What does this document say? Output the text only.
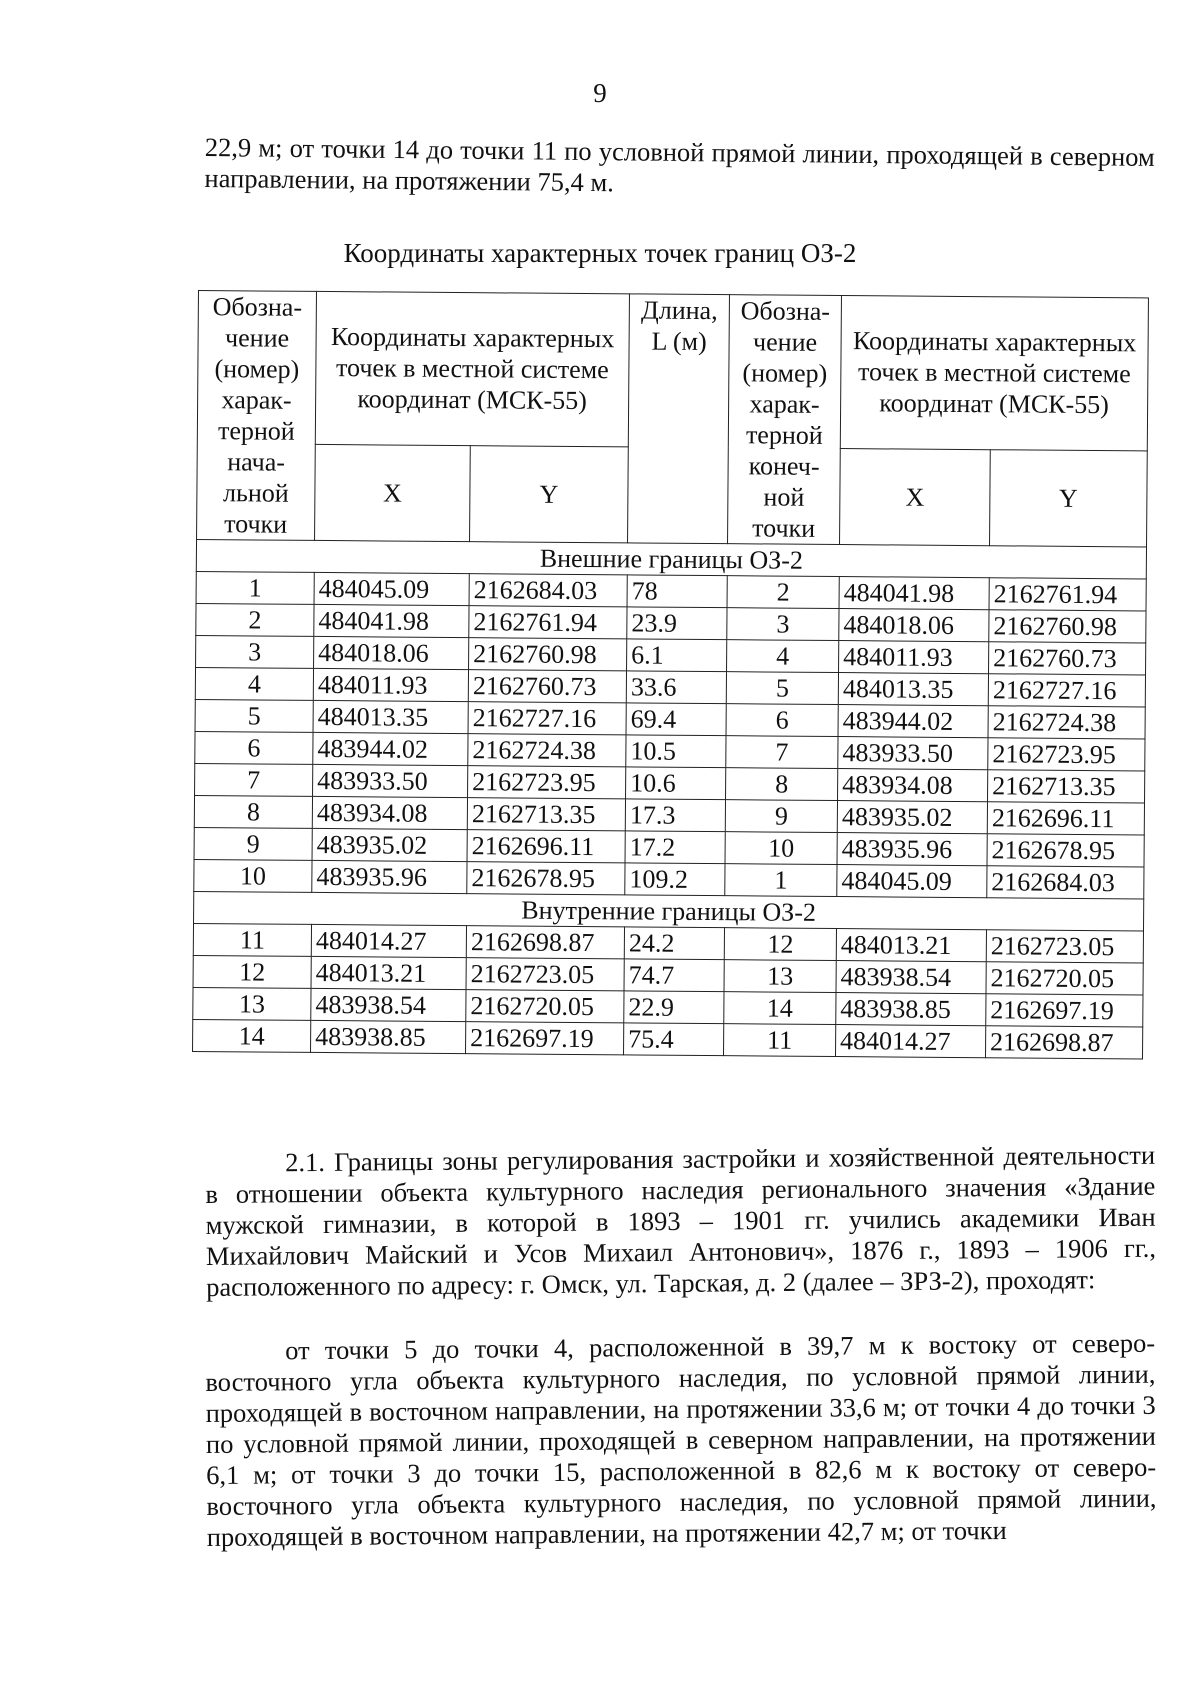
9
22,9 м; от точки 14 до точки 11 по условной прямой линии, проходящей в северном направлении, на протяжении 75,4 м.
Координаты характерных точек границ ОЗ-2
Обозна-чение (номер) харак-терной нача-льной точки	Координаты характерных точек в местной системе координат (МСК-55)		Длина, L (м)	Обозна-чение (номер) харак-терной конеч-ной точки	Координаты характерных точек в местной системе координат (МСК-55)	
	X	Y			X	Y
Внешние границы ОЗ-2						
1	484045.09	2162684.03	78	2	484041.98	2162761.94
2	484041.98	2162761.94	23.9	3	484018.06	2162760.98
3	484018.06	2162760.98	6.1	4	484011.93	2162760.73
4	484011.93	2162760.73	33.6	5	484013.35	2162727.16
5	484013.35	2162727.16	69.4	6	483944.02	2162724.38
6	483944.02	2162724.38	10.5	7	483933.50	2162723.95
7	483933.50	2162723.95	10.6	8	483934.08	2162713.35
8	483934.08	2162713.35	17.3	9	483935.02	2162696.11
9	483935.02	2162696.11	17.2	10	483935.96	2162678.95
10	483935.96	2162678.95	109.2	1	484045.09	2162684.03
Внутренние границы ОЗ-2						
11	484014.27	2162698.87	24.2	12	484013.21	2162723.05
12	484013.21	2162723.05	74.7	13	483938.54	2162720.05
13	483938.54	2162720.05	22.9	14	483938.85	2162697.19
14	483938.85	2162697.19	75.4	11	484014.27	2162698.87
2.1. Границы зоны регулирования застройки и хозяйственной деятельности в отношении объекта культурного наследия регионального значения «Здание мужской гимназии, в которой в 1893 – 1901 гг. учились академики Иван Михайлович Майский и Усов Михаил Антонович», 1876 г., 1893 – 1906 гг., расположенного по адресу: г. Омск, ул. Тарская, д. 2 (далее – ЗРЗ-2), проходят:
от точки 5 до точки 4, расположенной в 39,7 м к востоку от северо-восточного угла объекта культурного наследия, по условной прямой линии, проходящей в восточном направлении, на протяжении 33,6 м; от точки 4 до точки 3 по условной прямой линии, проходящей в северном направлении, на протяжении 6,1 м; от точки 3 до точки 15, расположенной в 82,6 м к востоку от северо-восточного угла объекта культурного наследия, по условной прямой линии, проходящей в восточном направлении, на протяжении 42,7 м; от точки
